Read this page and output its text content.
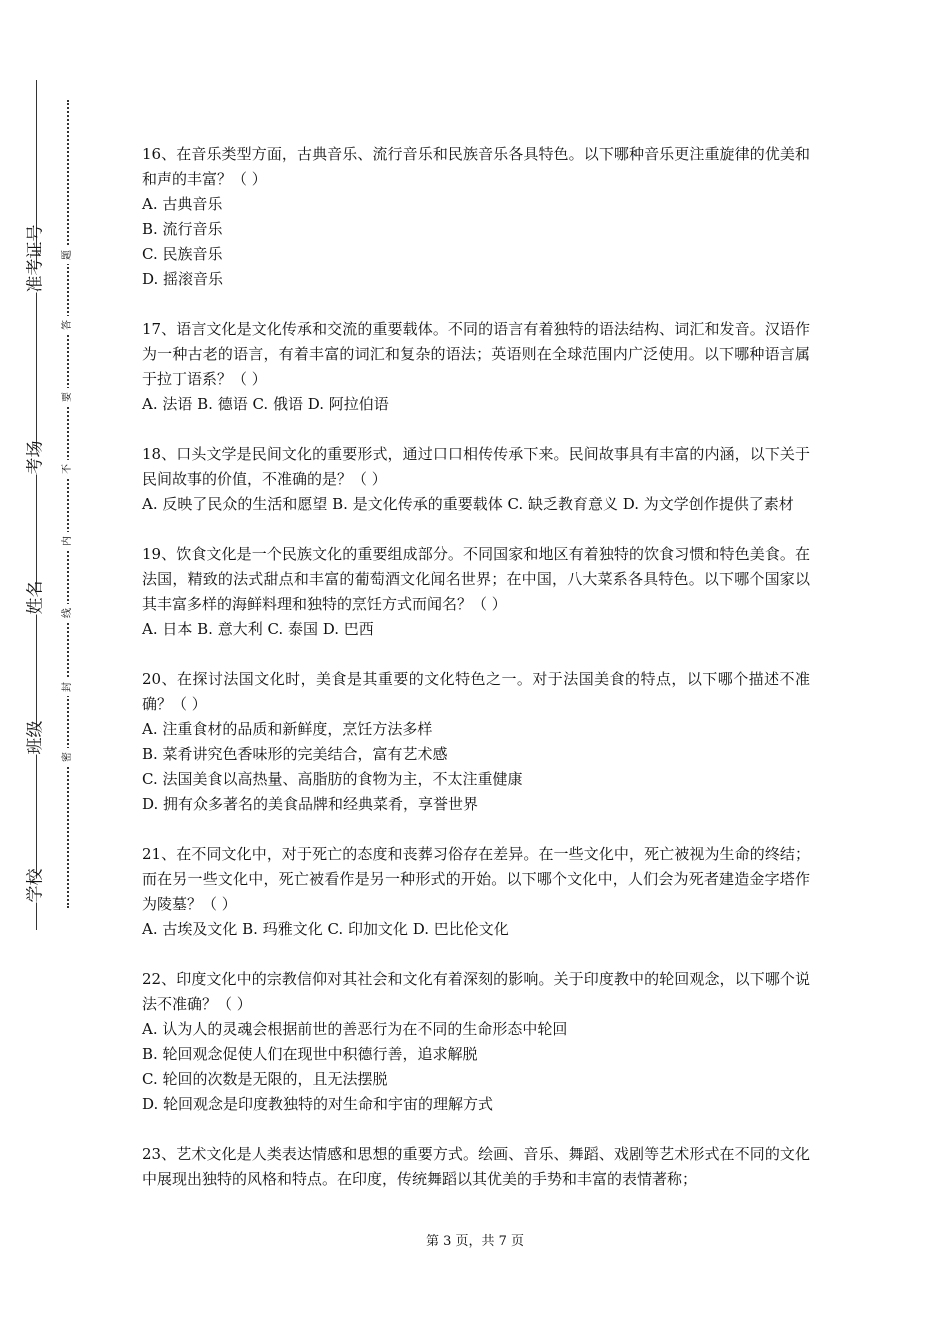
准考证号
考场
姓名
班级
学校
题
答
要
不
内
线
封
密

16、在音乐类型方面，古典音乐、流行音乐和民族音乐各具特色。以下哪种音乐更注重旋律的优美和和声的丰富？（ ）

A. 古典音乐

B. 流行音乐

C. 民族音乐

D. 摇滚音乐

17、语言文化是文化传承和交流的重要载体。不同的语言有着独特的语法结构、词汇和发音。汉语作为一种古老的语言，有着丰富的词汇和复杂的语法；英语则在全球范围内广泛使用。以下哪种语言属于拉丁语系？（ ）

A. 法语 B. 德语 C. 俄语 D. 阿拉伯语

18、口头文学是民间文化的重要形式，通过口口相传传承下来。民间故事具有丰富的内涵，以下关于民间故事的价值，不准确的是？（ ）

A. 反映了民众的生活和愿望 B. 是文化传承的重要载体 C. 缺乏教育意义 D. 为文学创作提供了素材

19、饮食文化是一个民族文化的重要组成部分。不同国家和地区有着独特的饮食习惯和特色美食。在法国，精致的法式甜点和丰富的葡萄酒文化闻名世界；在中国，八大菜系各具特色。以下哪个国家以其丰富多样的海鲜料理和独特的烹饪方式而闻名？（ ）

A. 日本 B. 意大利 C. 泰国 D. 巴西

20、在探讨法国文化时，美食是其重要的文化特色之一。对于法国美食的特点，以下哪个描述不准确？（ ）

A. 注重食材的品质和新鲜度，烹饪方法多样

B. 菜肴讲究色香味形的完美结合，富有艺术感

C. 法国美食以高热量、高脂肪的食物为主，不太注重健康

D. 拥有众多著名的美食品牌和经典菜肴，享誉世界

21、在不同文化中，对于死亡的态度和丧葬习俗存在差异。在一些文化中，死亡被视为生命的终结；而在另一些文化中，死亡被看作是另一种形式的开始。以下哪个文化中，人们会为死者建造金字塔作为陵墓？（ ）

A. 古埃及文化 B. 玛雅文化 C. 印加文化 D. 巴比伦文化

22、印度文化中的宗教信仰对其社会和文化有着深刻的影响。关于印度教中的轮回观念，以下哪个说法不准确？（ ）

A. 认为人的灵魂会根据前世的善恶行为在不同的生命形态中轮回

B. 轮回观念促使人们在现世中积德行善，追求解脱

C. 轮回的次数是无限的，且无法摆脱

D. 轮回观念是印度教独特的对生命和宇宙的理解方式

23、艺术文化是人类表达情感和思想的重要方式。绘画、音乐、舞蹈、戏剧等艺术形式在不同的文化中展现出独特的风格和特点。在印度，传统舞蹈以其优美的手势和丰富的表情著称；

第 3 页，共 7 页
